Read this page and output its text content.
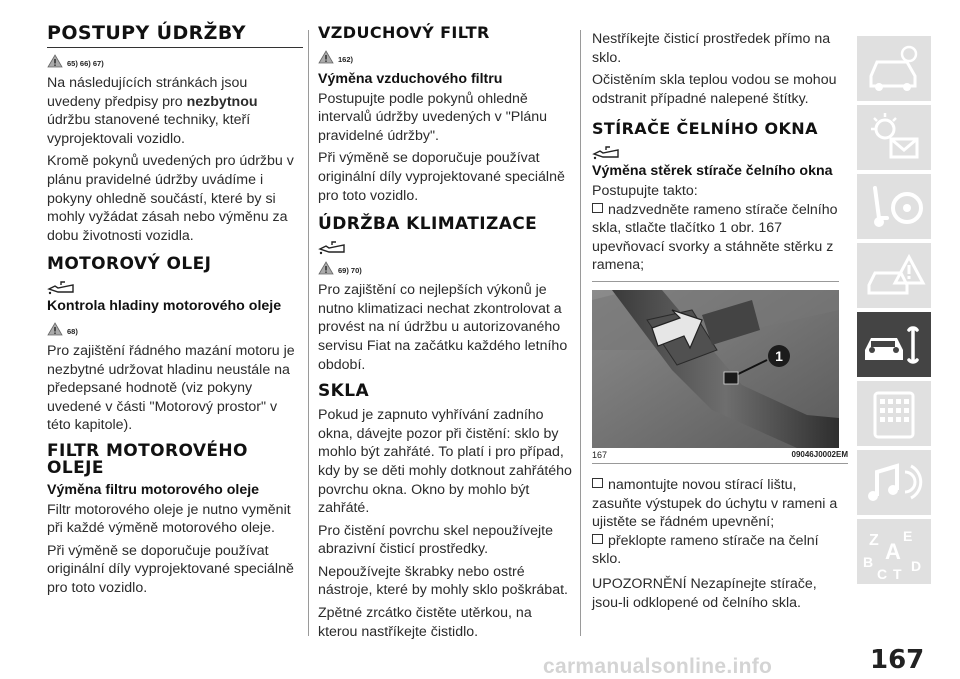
POSTUPY ÚDRŽBY
65) 66) 67)

Na následujících stránkách jsou uvedeny předpisy pro nezbytnou údržbu stanovené techniky, kteří vyprojektovali vozidlo.

Kromě pokynů uvedených pro údržbu v plánu pravidelné údržby uvádíme i pokyny ohledně součástí, které by si mohly vyžádat zásah nebo výměnu za dobu životnosti vozidla.

MOTOROVÝ OLEJ
Kontrola hladiny motorového oleje
68)

Pro zajištění řádného mazání motoru je nezbytné udržovat hladinu neustále na předepsané hodnotě (viz pokyny uvedené v části "Motorový prostor" v této kapitole).

FILTR MOTOROVÉHO OLEJE
Výměna filtru motorového oleje

Filtr motorového oleje je nutno vyměnit při každé výměně motorového oleje.

Při výměně se doporučuje používat originální díly vyprojektované speciálně pro toto vozidlo.

VZDUCHOVÝ FILTR
162)
Výměna vzduchového filtru

Postupujte podle pokynů ohledně intervalů údržby uvedených v "Plánu pravidelné údržby".

Při výměně se doporučuje používat originální díly vyprojektované speciálně pro toto vozidlo.

ÚDRŽBA KLIMATIZACE
69) 70)

Pro zajištění co nejlepších výkonů je nutno klimatizaci nechat zkontrolovat a provést na ní údržbu u autorizovaného servisu Fiat na začátku každého letního období.

SKLA

Pokud je zapnuto vyhřívání zadního okna, dávejte pozor při čistění: sklo by mohlo být zahřáté. To platí i pro případ, kdy by se děti mohly dotknout zahřátého povrchu okna. Okno by mohlo být zahřáté.

Pro čistění povrchu skel nepoužívejte abrazivní čisticí prostředky.

Nepoužívejte škrabky nebo ostré nástroje, které by mohly sklo poškrábat.

Zpětné zrcátko čistěte utěrkou, na kterou nastříkejte čistidlo.

Nestříkejte čisticí prostředek přímo na sklo.

Očistěním skla teplou vodou se mohou odstranit případné nalepené štítky.

STÍRAČE ČELNÍHO OKNA
Výměna stěrek stírače čelního okna

Postupujte takto:

nadzvedněte rameno stírače čelního skla, stlačte tlačítko 1 obr. 167 upevňovací svorky a stáhněte stěrku z ramena;

1
167	09046J0002EM

namontujte novou stírací lištu, zasuňte výstupek do úchytu v rameni a ujistěte se řádném upevnění;

překlopte rameno stírače na čelní sklo.

UPOZORNĚNÍ Nezapínejte stírače, jsou-li odklopené od čelního skla.

Z E
A
B
C T D
167
carmanualsonline.info
